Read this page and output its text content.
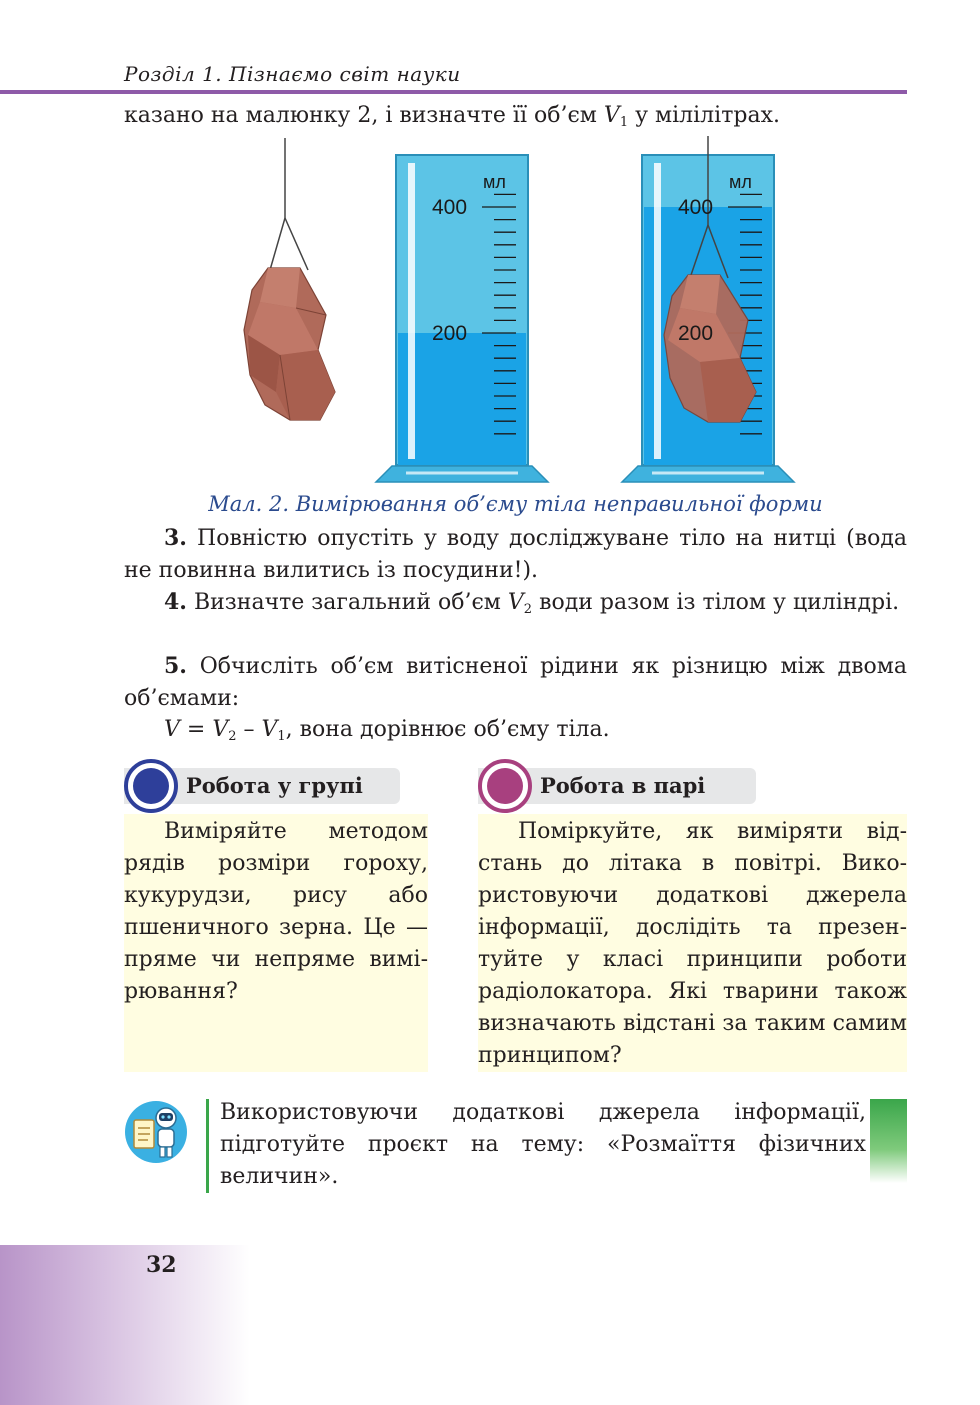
Розділ 1. Пізнаємо світ науки
казано на малюнку 2, і визначте її об’єм $V_1$ у мілілітрах.
400
200
мл
400
200
мл
Мал. 2. Вимірювання об’єму тіла неправильної форми
3. Повністю опустіть у воду досліджуване тіло на нитці (вода не повинна вилитись із посудини!).
4. Визначте загальний об’єм $V_2$ води разом із тілом у циліндрі.
5. Обчисліть об’єм витісненої рідини як різницю між двома об’ємами:
$V = V_2 - V_1$, вона дорівнює об’єму тіла.
Робота у групі

Виміряйте методом рядів розміри гороху, кукурудзи, рису або пшеничного зерна. Це — пряме чи непряме вимірювання?

Робота в парі

Поміркуйте, як виміряти відстань до літака в повітрі. Використовуючи додаткові джерела інформації, дослідіть та презентуйте у класі принципи роботи радіолокатора. Які тварини також визначають відстані за таким самим принципом?

Використовуючи додаткові джерела інформації, підготуйте проєкт на тему: «Розмаїття фізичних величин».
32
